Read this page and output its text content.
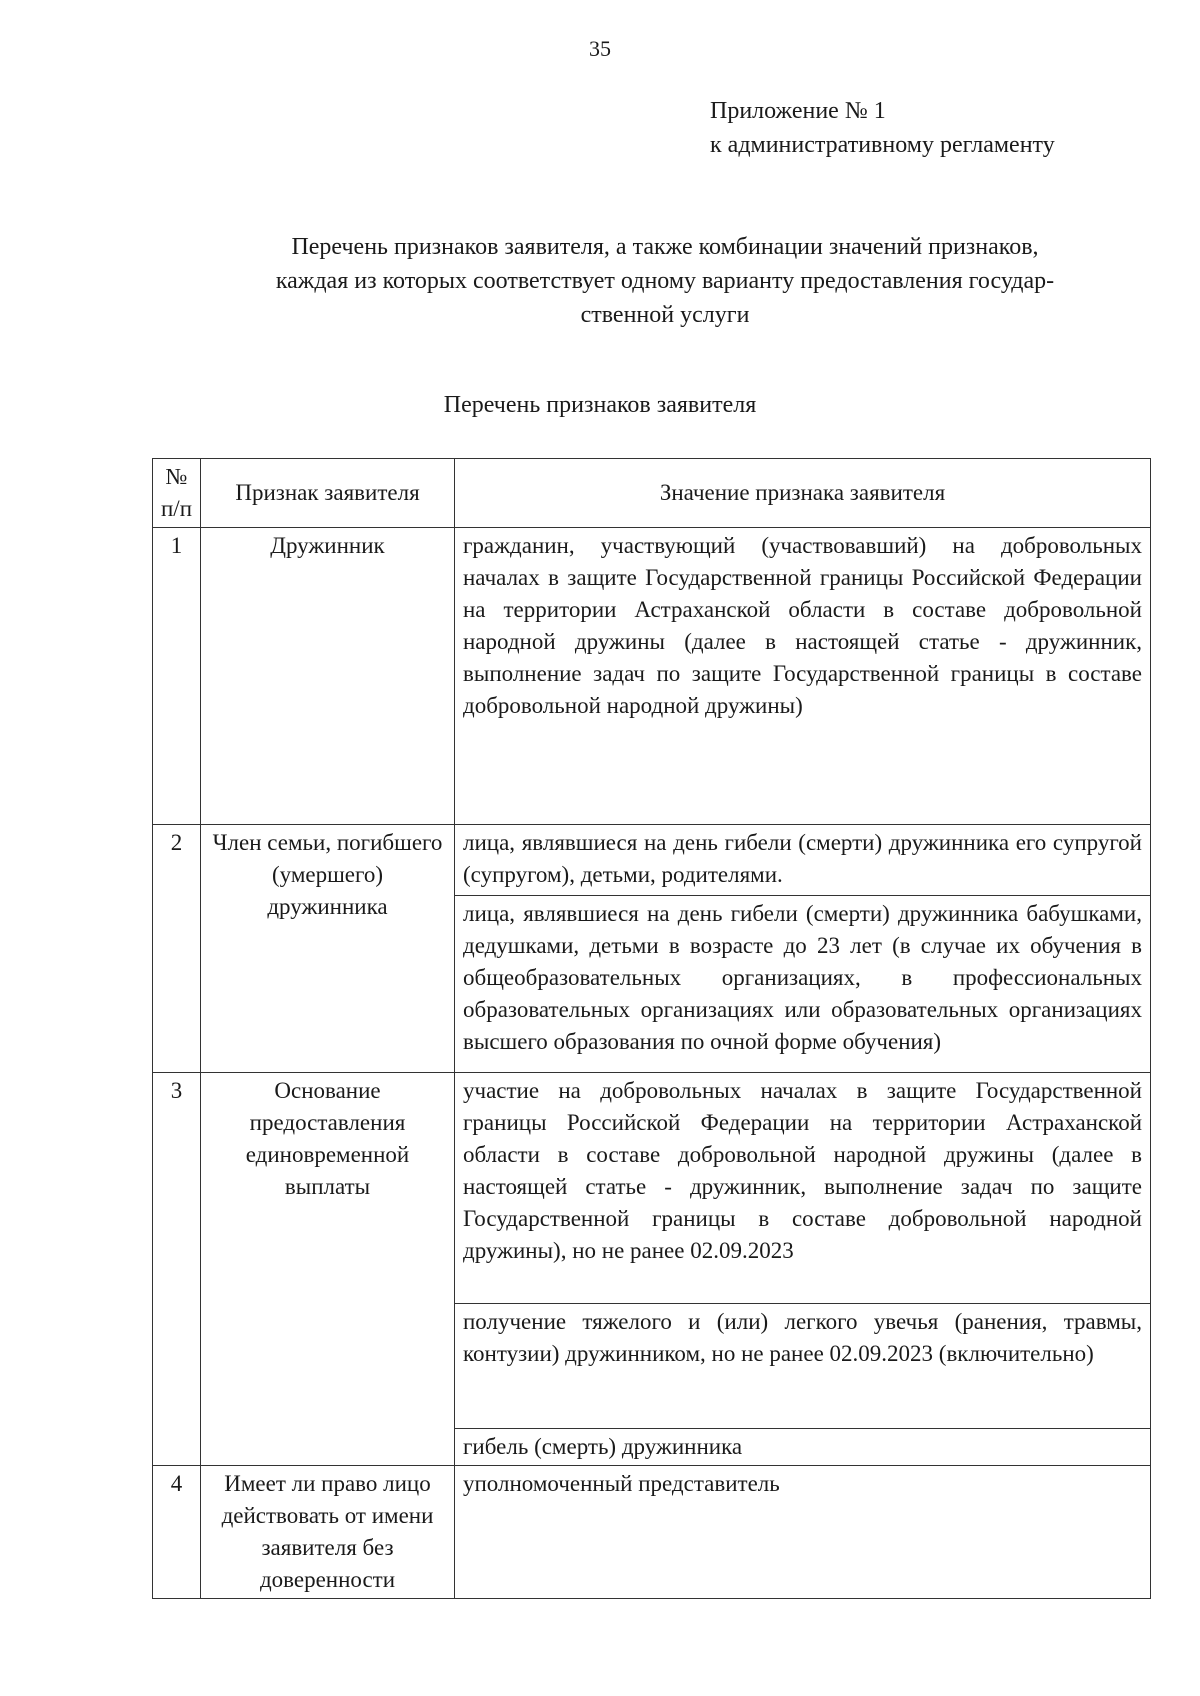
35
Приложение № 1
к административному регламенту
Перечень признаков заявителя, а также комбинации значений признаков,
каждая из которых соответствует одному варианту предоставления государ-
ственной услуги
Перечень признаков заявителя
№ п/п	Признак заявителя	Значение признака заявителя
1	Дружинник	гражданин, участвующий (участвовавший) на добровольных началах в защите Государственной границы Российской Федерации на территории Астраханской области в составе добровольной народной дружины (далее в настоящей статье - дружинник, выполнение задач по защите Государственной границы в составе добровольной народной дружины)
2	Член семьи, погибшего (умершего) дружинника	лица, являвшиеся на день гибели (смерти) дружинника его супругой (супругом), детьми, родителями.
		лица, являвшиеся на день гибели (смерти) дружинника бабушками, дедушками, детьми в возрасте до 23 лет (в случае их обучения в общеобразовательных организациях, в профессиональных образовательных организациях или образовательных организациях высшего образования по очной форме обучения)
3	Основание предоставления единовременной выплаты	участие на добровольных началах в защите Государственной границы Российской Федерации на территории Астраханской области в составе добровольной народной дружины (далее в настоящей статье - дружинник, выполнение задач по защите Государственной границы в составе добровольной народной дружины), но не ранее 02.09.2023
		получение тяжелого и (или) легкого увечья (ранения, травмы, контузии) дружинником, но не ранее 02.09.2023 (включительно)
		гибель (смерть) дружинника
4	Имеет ли право лицо действовать от имени заявителя без доверенности	уполномоченный представитель
